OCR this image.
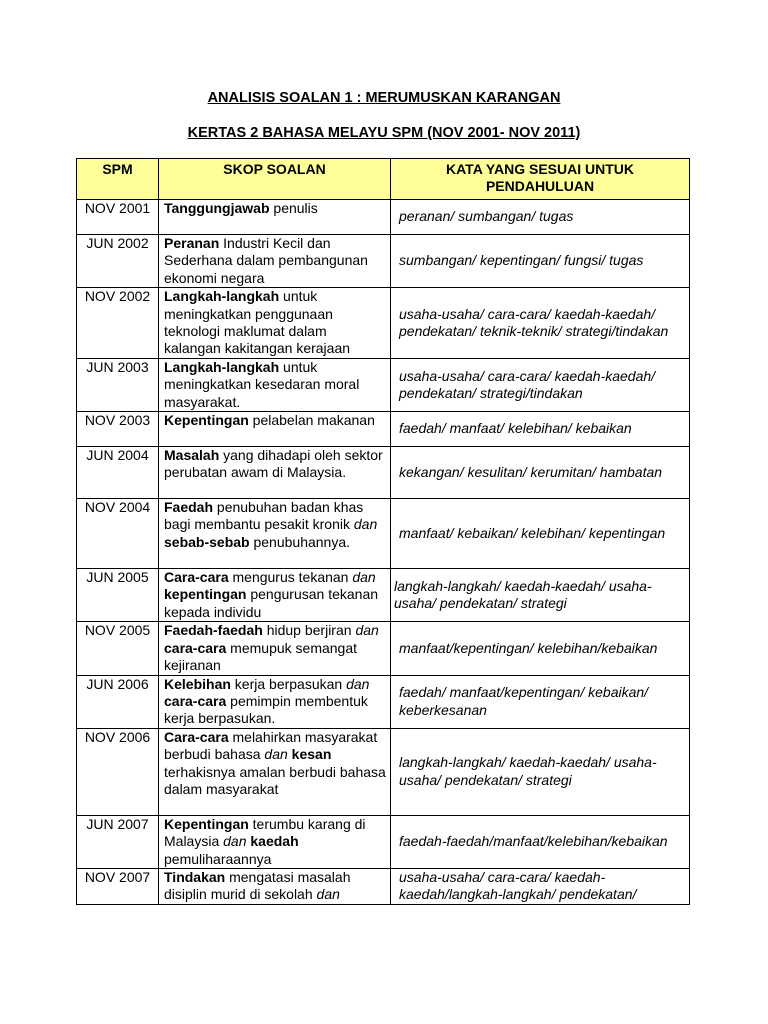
ANALISIS SOALAN 1 : MERUMUSKAN KARANGAN
KERTAS 2 BAHASA MELAYU SPM (NOV 2001- NOV 2011)
SPM	SKOP SOALAN	KATA YANG SESUAI UNTUK PENDAHULUAN
NOV 2001	Tanggungjawab penulis	peranan/ sumbangan/ tugas
JUN 2002	Peranan Industri Kecil dan Sederhana dalam pembangunan ekonomi negara	sumbangan/ kepentingan/ fungsi/ tugas
NOV 2002	Langkah-langkah untuk meningkatkan penggunaan teknologi maklumat dalam kalangan kakitangan kerajaan	usaha-usaha/ cara-cara/ kaedah-kaedah/ pendekatan/ teknik-teknik/ strategi/tindakan
JUN 2003	Langkah-langkah untuk meningkatkan kesedaran moral masyarakat.	usaha-usaha/ cara-cara/ kaedah-kaedah/ pendekatan/ strategi/tindakan
NOV 2003	Kepentingan pelabelan makanan	faedah/ manfaat/ kelebihan/ kebaikan
JUN 2004	Masalah yang dihadapi oleh sektor perubatan awam di Malaysia.	kekangan/ kesulitan/ kerumitan/ hambatan
NOV 2004	Faedah penubuhan badan khas bagi membantu pesakit kronik dan sebab-sebab penubuhannya.	manfaat/ kebaikan/ kelebihan/ kepentingan
JUN 2005	Cara-cara mengurus tekanan dan kepentingan pengurusan tekanan kepada individu	langkah-langkah/ kaedah-kaedah/ usaha-usaha/ pendekatan/ strategi
NOV 2005	Faedah-faedah hidup berjiran dan cara-cara memupuk semangat kejiranan	manfaat/kepentingan/ kelebihan/kebaikan
JUN 2006	Kelebihan kerja berpasukan dan cara-cara pemimpin membentuk kerja berpasukan.	faedah/ manfaat/kepentingan/ kebaikan/ keberkesanan
NOV 2006	Cara-cara melahirkan masyarakat berbudi bahasa dan kesan terhakisnya amalan berbudi bahasa dalam masyarakat	langkah-langkah/ kaedah-kaedah/ usaha-usaha/ pendekatan/ strategi
JUN 2007	Kepentingan terumbu karang di Malaysia dan kaedah pemuliharaannya	faedah-faedah/manfaat/kelebihan/kebaikan
NOV 2007	Tindakan mengatasi masalah disiplin murid di sekolah dan	usaha-usaha/ cara-cara/ kaedah-kaedah/langkah-langkah/ pendekatan/
